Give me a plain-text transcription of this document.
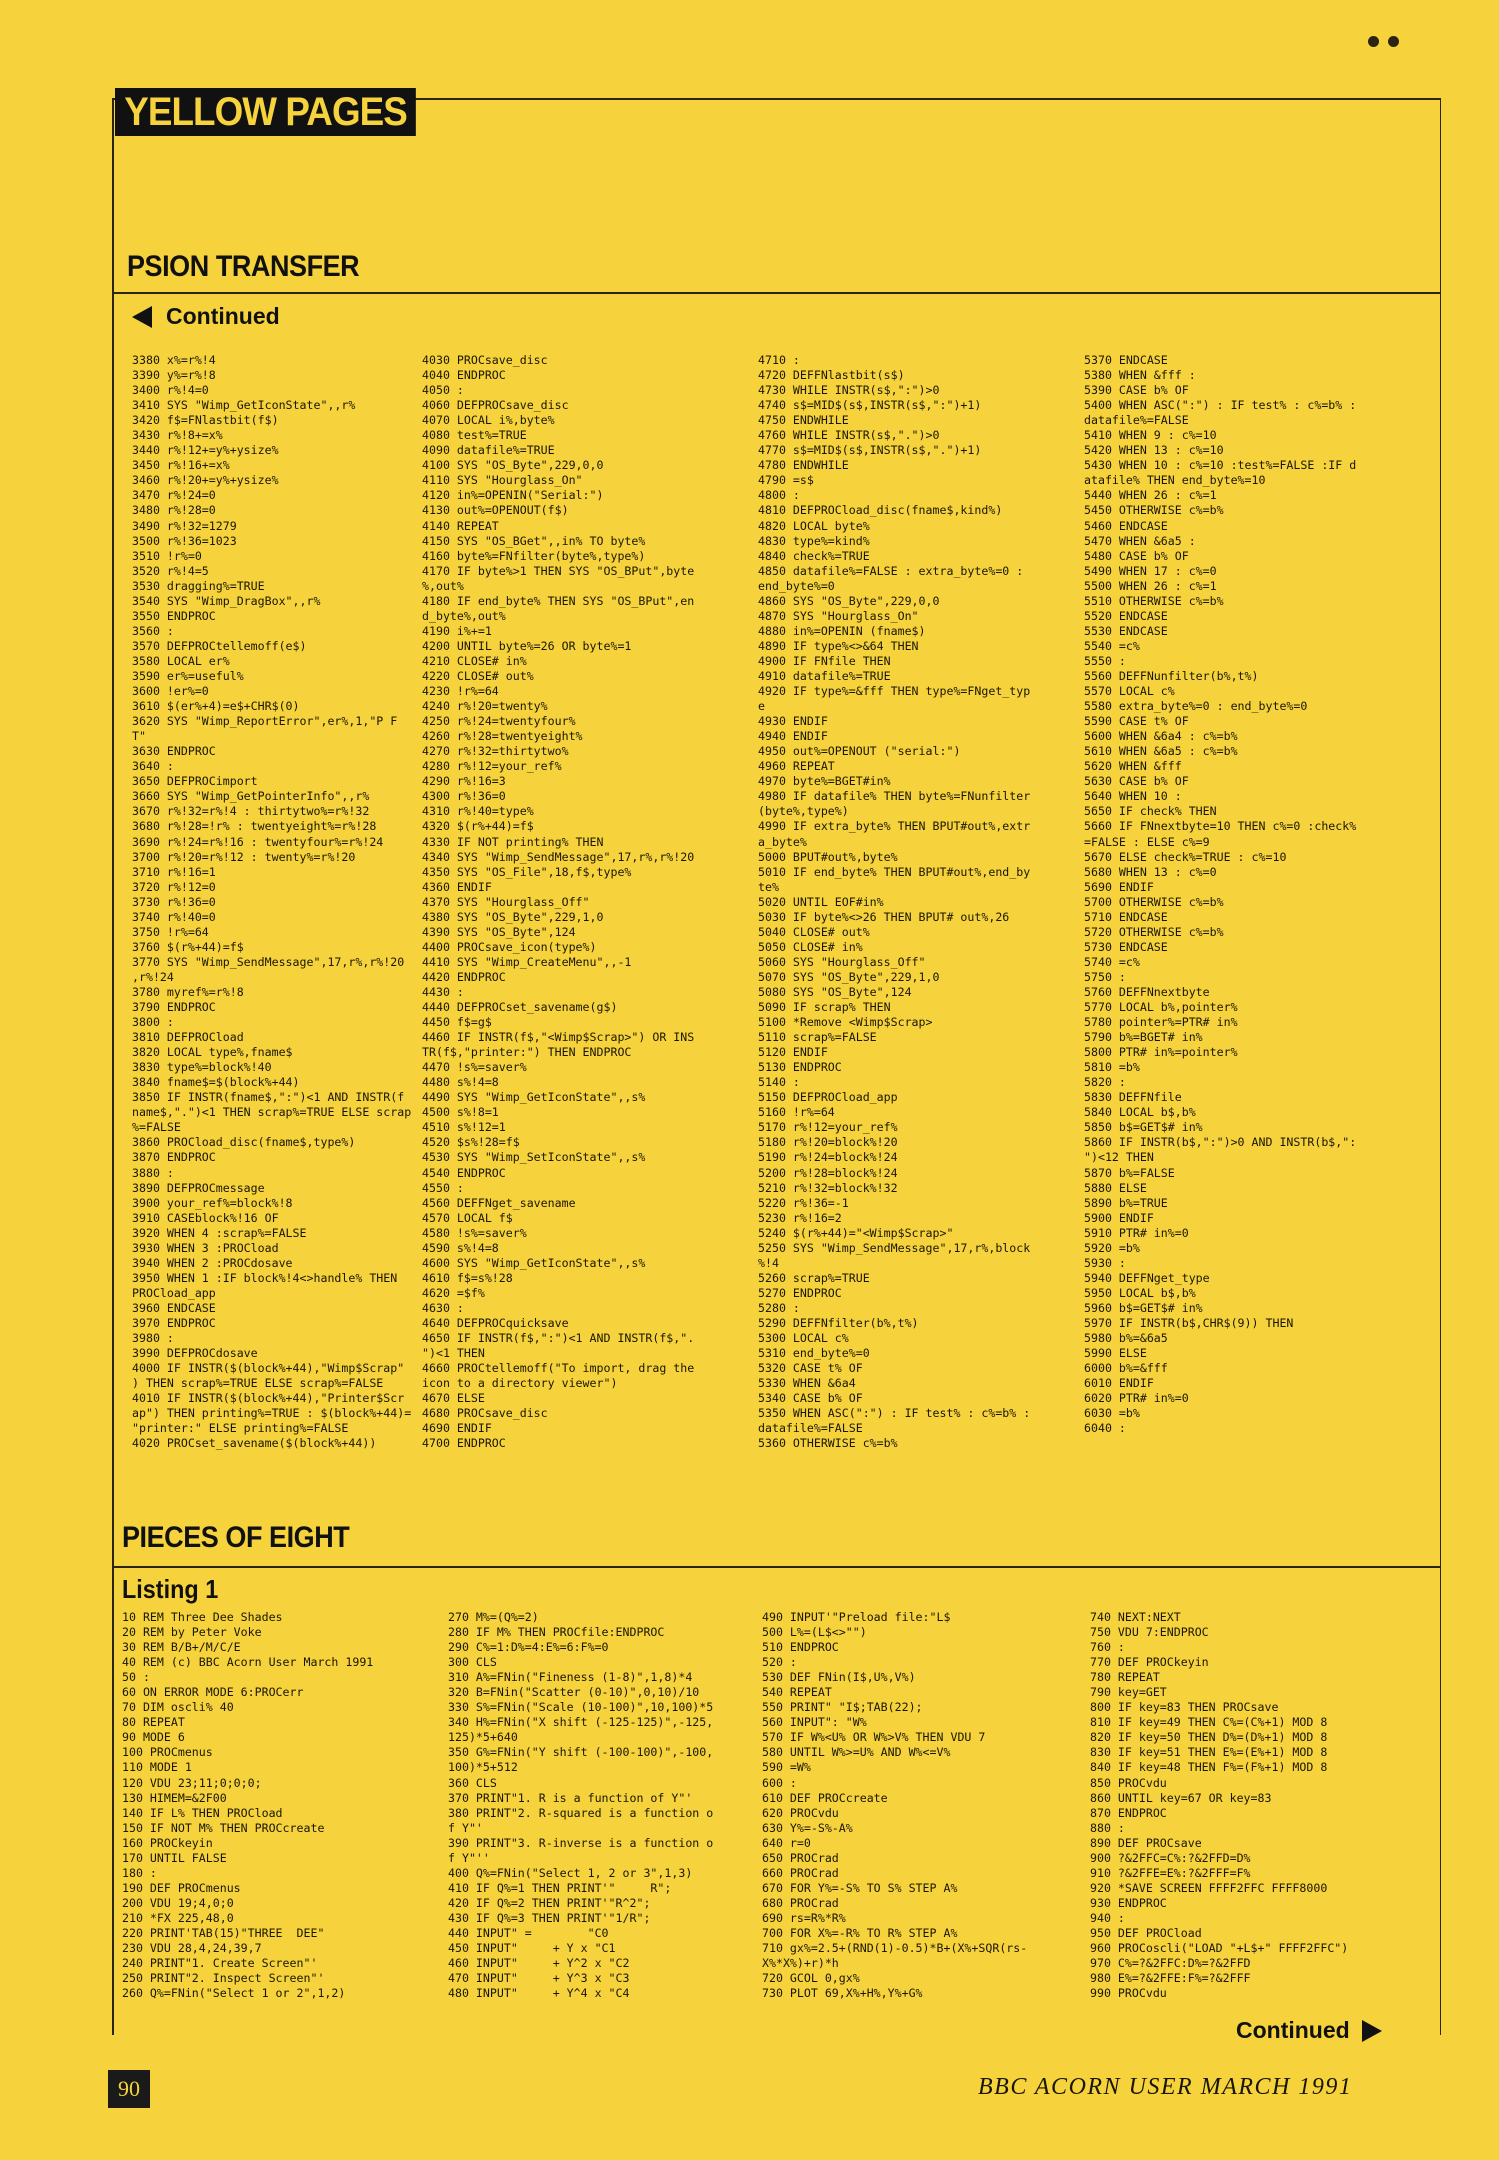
YELLOW PAGES
PSION TRANSFER
Continued
3380 x%=r%!4
3390 y%=r%!8
3400 r%!4=0
3410 SYS "Wimp_GetIconState",,r%
3420 f$=FNlastbit(f$)
3430 r%!8+=x%
3440 r%!12+=y%+ysize%
3450 r%!16+=x%
3460 r%!20+=y%+ysize%
3470 r%!24=0
3480 r%!28=0
3490 r%!32=1279
3500 r%!36=1023
3510 !r%=0
3520 r%!4=5
3530 dragging%=TRUE
3540 SYS "Wimp_DragBox",,r%
3550 ENDPROC
3560 :
3570 DEFPROCtellemoff(e$)
3580 LOCAL er%
3590 er%=useful%
3600 !er%=0
3610 $(er%+4)=e$+CHR$(0)
3620 SYS "Wimp_ReportError",er%,1,"P F
T"
3630 ENDPROC
3640 :
3650 DEFPROCimport
3660 SYS "Wimp_GetPointerInfo",,r%
3670 r%!32=r%!4 : thirtytwo%=r%!32
3680 r%!28=!r% : twentyeight%=r%!28
3690 r%!24=r%!16 : twentyfour%=r%!24
3700 r%!20=r%!12 : twenty%=r%!20
3710 r%!16=1
3720 r%!12=0
3730 r%!36=0
3740 r%!40=0
3750 !r%=64
3760 $(r%+44)=f$
3770 SYS "Wimp_SendMessage",17,r%,r%!20
,r%!24
3780 myref%=r%!8
3790 ENDPROC
3800 :
3810 DEFPROCload
3820 LOCAL type%,fname$
3830 type%=block%!40
3840 fname$=$(block%+44)
3850 IF INSTR(fname$,":")<1 AND INSTR(f
name$,".")<1 THEN scrap%=TRUE ELSE scrap
%=FALSE
3860 PROCload_disc(fname$,type%)
3870 ENDPROC
3880 :
3890 DEFPROCmessage
3900 your_ref%=block%!8
3910 CASEblock%!16 OF
3920 WHEN 4 :scrap%=FALSE
3930 WHEN 3 :PROCload
3940 WHEN 2 :PROCdosave
3950 WHEN 1 :IF block%!4<>handle% THEN
PROCload_app
3960 ENDCASE
3970 ENDPROC
3980 :
3990 DEFPROCdosave
4000 IF INSTR($(block%+44),"Wimp$Scrap"
) THEN scrap%=TRUE ELSE scrap%=FALSE
4010 IF INSTR($(block%+44),"Printer$Scr
ap") THEN printing%=TRUE : $(block%+44)=
"printer:" ELSE printing%=FALSE
4020 PROCset_savename($(block%+44))
4030 PROCsave_disc
4040 ENDPROC
4050 :
4060 DEFPROCsave_disc
4070 LOCAL i%,byte%
4080 test%=TRUE
4090 datafile%=TRUE
4100 SYS "OS_Byte",229,0,0
4110 SYS "Hourglass_On"
4120 in%=OPENIN("Serial:")
4130 out%=OPENOUT(f$)
4140 REPEAT
4150 SYS "OS_BGet",,in% TO byte%
4160 byte%=FNfilter(byte%,type%)
4170 IF byte%>1 THEN SYS "OS_BPut",byte
%,out%
4180 IF end_byte% THEN SYS "OS_BPut",en
d_byte%,out%
4190 i%+=1
4200 UNTIL byte%=26 OR byte%=1
4210 CLOSE# in%
4220 CLOSE# out%
4230 !r%=64
4240 r%!20=twenty%
4250 r%!24=twentyfour%
4260 r%!28=twentyeight%
4270 r%!32=thirtytwo%
4280 r%!12=your_ref%
4290 r%!16=3
4300 r%!36=0
4310 r%!40=type%
4320 $(r%+44)=f$
4330 IF NOT printing% THEN
4340 SYS "Wimp_SendMessage",17,r%,r%!20
4350 SYS "OS_File",18,f$,type%
4360 ENDIF
4370 SYS "Hourglass_Off"
4380 SYS "OS_Byte",229,1,0
4390 SYS "OS_Byte",124
4400 PROCsave_icon(type%)
4410 SYS "Wimp_CreateMenu",,-1
4420 ENDPROC
4430 :
4440 DEFPROCset_savename(g$)
4450 f$=g$
4460 IF INSTR(f$,"<Wimp$Scrap>") OR INS
TR(f$,"printer:") THEN ENDPROC
4470 !s%=saver%
4480 s%!4=8
4490 SYS "Wimp_GetIconState",,s%
4500 s%!8=1
4510 s%!12=1
4520 $s%!28=f$
4530 SYS "Wimp_SetIconState",,s%
4540 ENDPROC
4550 :
4560 DEFFNget_savename
4570 LOCAL f$
4580 !s%=saver%
4590 s%!4=8
4600 SYS "Wimp_GetIconState",,s%
4610 f$=s%!28
4620 =$f%
4630 :
4640 DEFPROCquicksave
4650 IF INSTR(f$,":")<1 AND INSTR(f$,".
")<1 THEN
4660 PROCtellemoff("To import, drag the
icon to a directory viewer")
4670 ELSE
4680 PROCsave_disc
4690 ENDIF
4700 ENDPROC
4710 :
4720 DEFFNlastbit(s$)
4730 WHILE INSTR(s$,":")>0
4740 s$=MID$(s$,INSTR(s$,":")+1)
4750 ENDWHILE
4760 WHILE INSTR(s$,".")>0
4770 s$=MID$(s$,INSTR(s$,".")+1)
4780 ENDWHILE
4790 =s$
4800 :
4810 DEFPROCload_disc(fname$,kind%)
4820 LOCAL byte%
4830 type%=kind%
4840 check%=TRUE
4850 datafile%=FALSE : extra_byte%=0 :
end_byte%=0
4860 SYS "OS_Byte",229,0,0
4870 SYS "Hourglass_On"
4880 in%=OPENIN (fname$)
4890 IF type%<>&64 THEN
4900 IF FNfile THEN
4910 datafile%=TRUE
4920 IF type%=&fff THEN type%=FNget_typ
e
4930 ENDIF
4940 ENDIF
4950 out%=OPENOUT ("serial:")
4960 REPEAT
4970 byte%=BGET#in%
4980 IF datafile% THEN byte%=FNunfilter
(byte%,type%)
4990 IF extra_byte% THEN BPUT#out%,extr
a_byte%
5000 BPUT#out%,byte%
5010 IF end_byte% THEN BPUT#out%,end_by
te%
5020 UNTIL EOF#in%
5030 IF byte%<>26 THEN BPUT# out%,26
5040 CLOSE# out%
5050 CLOSE# in%
5060 SYS "Hourglass_Off"
5070 SYS "OS_Byte",229,1,0
5080 SYS "OS_Byte",124
5090 IF scrap% THEN
5100 *Remove <Wimp$Scrap>
5110 scrap%=FALSE
5120 ENDIF
5130 ENDPROC
5140 :
5150 DEFPROCload_app
5160 !r%=64
5170 r%!12=your_ref%
5180 r%!20=block%!20
5190 r%!24=block%!24
5200 r%!28=block%!24
5210 r%!32=block%!32
5220 r%!36=-1
5230 r%!16=2
5240 $(r%+44)="<Wimp$Scrap>"
5250 SYS "Wimp_SendMessage",17,r%,block
%!4
5260 scrap%=TRUE
5270 ENDPROC
5280 :
5290 DEFFNfilter(b%,t%)
5300 LOCAL c%
5310 end_byte%=0
5320 CASE t% OF
5330 WHEN &6a4
5340 CASE b% OF
5350 WHEN ASC(":") : IF test% : c%=b% :
datafile%=FALSE
5360 OTHERWISE c%=b%
5370 ENDCASE
5380 WHEN &fff :
5390 CASE b% OF
5400 WHEN ASC(":") : IF test% : c%=b% :
datafile%=FALSE
5410 WHEN 9 : c%=10
5420 WHEN 13 : c%=10
5430 WHEN 10 : c%=10 :test%=FALSE :IF d
atafile% THEN end_byte%=10
5440 WHEN 26 : c%=1
5450 OTHERWISE c%=b%
5460 ENDCASE
5470 WHEN &6a5 :
5480 CASE b% OF
5490 WHEN 17 : c%=0
5500 WHEN 26 : c%=1
5510 OTHERWISE c%=b%
5520 ENDCASE
5530 ENDCASE
5540 =c%
5550 :
5560 DEFFNunfilter(b%,t%)
5570 LOCAL c%
5580 extra_byte%=0 : end_byte%=0
5590 CASE t% OF
5600 WHEN &6a4 : c%=b%
5610 WHEN &6a5 : c%=b%
5620 WHEN &fff
5630 CASE b% OF
5640 WHEN 10 :
5650 IF check% THEN
5660 IF FNnextbyte=10 THEN c%=0 :check%
=FALSE : ELSE c%=9
5670 ELSE check%=TRUE : c%=10
5680 WHEN 13 : c%=0
5690 ENDIF
5700 OTHERWISE c%=b%
5710 ENDCASE
5720 OTHERWISE c%=b%
5730 ENDCASE
5740 =c%
5750 :
5760 DEFFNnextbyte
5770 LOCAL b%,pointer%
5780 pointer%=PTR# in%
5790 b%=BGET# in%
5800 PTR# in%=pointer%
5810 =b%
5820 :
5830 DEFFNfile
5840 LOCAL b$,b%
5850 b$=GET$# in%
5860 IF INSTR(b$,":")>0 AND INSTR(b$,":
")<12 THEN
5870 b%=FALSE
5880 ELSE
5890 b%=TRUE
5900 ENDIF
5910 PTR# in%=0
5920 =b%
5930 :
5940 DEFFNget_type
5950 LOCAL b$,b%
5960 b$=GET$# in%
5970 IF INSTR(b$,CHR$(9)) THEN
5980 b%=&6a5
5990 ELSE
6000 b%=&fff
6010 ENDIF
6020 PTR# in%=0
6030 =b%
6040 :
PIECES OF EIGHT
Listing 1
10 REM Three Dee Shades
20 REM by Peter Voke
30 REM B/B+/M/C/E
40 REM (c) BBC Acorn User March 1991
50 :
60 ON ERROR MODE 6:PROCerr
70 DIM oscli% 40
80 REPEAT
90 MODE 6
100 PROCmenus
110 MODE 1
120 VDU 23;11;0;0;0;
130 HIMEM=&2F00
140 IF L% THEN PROCload
150 IF NOT M% THEN PROCcreate
160 PROCkeyin
170 UNTIL FALSE
180 :
190 DEF PROCmenus
200 VDU 19;4,0;0
210 *FX 225,48,0
220 PRINT'TAB(15)"THREE  DEE"
230 VDU 28,4,24,39,7
240 PRINT"1. Create Screen"'
250 PRINT"2. Inspect Screen"'
260 Q%=FNin("Select 1 or 2",1,2)
270 M%=(Q%=2)
280 IF M% THEN PROCfile:ENDPROC
290 C%=1:D%=4:E%=6:F%=0
300 CLS
310 A%=FNin("Fineness (1-8)",1,8)*4
320 B=FNin("Scatter (0-10)",0,10)/10
330 S%=FNin("Scale (10-100)",10,100)*5
340 H%=FNin("X shift (-125-125)",-125,
125)*5+640
350 G%=FNin("Y shift (-100-100)",-100,
100)*5+512
360 CLS
370 PRINT"1. R is a function of Y"'
380 PRINT"2. R-squared is a function o
f Y"'
390 PRINT"3. R-inverse is a function o
f Y"''
400 Q%=FNin("Select 1, 2 or 3",1,3)
410 IF Q%=1 THEN PRINT'"     R";
420 IF Q%=2 THEN PRINT'"R^2";
430 IF Q%=3 THEN PRINT'"1/R";
440 INPUT" =        "C0
450 INPUT"     + Y x "C1
460 INPUT"     + Y^2 x "C2
470 INPUT"     + Y^3 x "C3
480 INPUT"     + Y^4 x "C4
490 INPUT'"Preload file:"L$
500 L%=(L$<>"")
510 ENDPROC
520 :
530 DEF FNin(I$,U%,V%)
540 REPEAT
550 PRINT" "I$;TAB(22);
560 INPUT": "W%
570 IF W%<U% OR W%>V% THEN VDU 7
580 UNTIL W%>=U% AND W%<=V%
590 =W%
600 :
610 DEF PROCcreate
620 PROCvdu
630 Y%=-S%-A%
640 r=0
650 PROCrad
660 PROCrad
670 FOR Y%=-S% TO S% STEP A%
680 PROCrad
690 rs=R%*R%
700 FOR X%=-R% TO R% STEP A%
710 gx%=2.5+(RND(1)-0.5)*B+(X%+SQR(rs-
X%*X%)+r)*h
720 GCOL 0,gx%
730 PLOT 69,X%+H%,Y%+G%
740 NEXT:NEXT
750 VDU 7:ENDPROC
760 :
770 DEF PROCkeyin
780 REPEAT
790 key=GET
800 IF key=83 THEN PROCsave
810 IF key=49 THEN C%=(C%+1) MOD 8
820 IF key=50 THEN D%=(D%+1) MOD 8
830 IF key=51 THEN E%=(E%+1) MOD 8
840 IF key=48 THEN F%=(F%+1) MOD 8
850 PROCvdu
860 UNTIL key=67 OR key=83
870 ENDPROC
880 :
890 DEF PROCsave
900 ?&2FFC=C%:?&2FFD=D%
910 ?&2FFE=E%:?&2FFF=F%
920 *SAVE SCREEN FFFF2FFC FFFF8000
930 ENDPROC
940 :
950 DEF PROCload
960 PROCoscli("LOAD "+L$+" FFFF2FFC")
970 C%=?&2FFC:D%=?&2FFD
980 E%=?&2FFE:F%=?&2FFF
990 PROCvdu
Continued
90	BBC ACORN USER MARCH 1991
